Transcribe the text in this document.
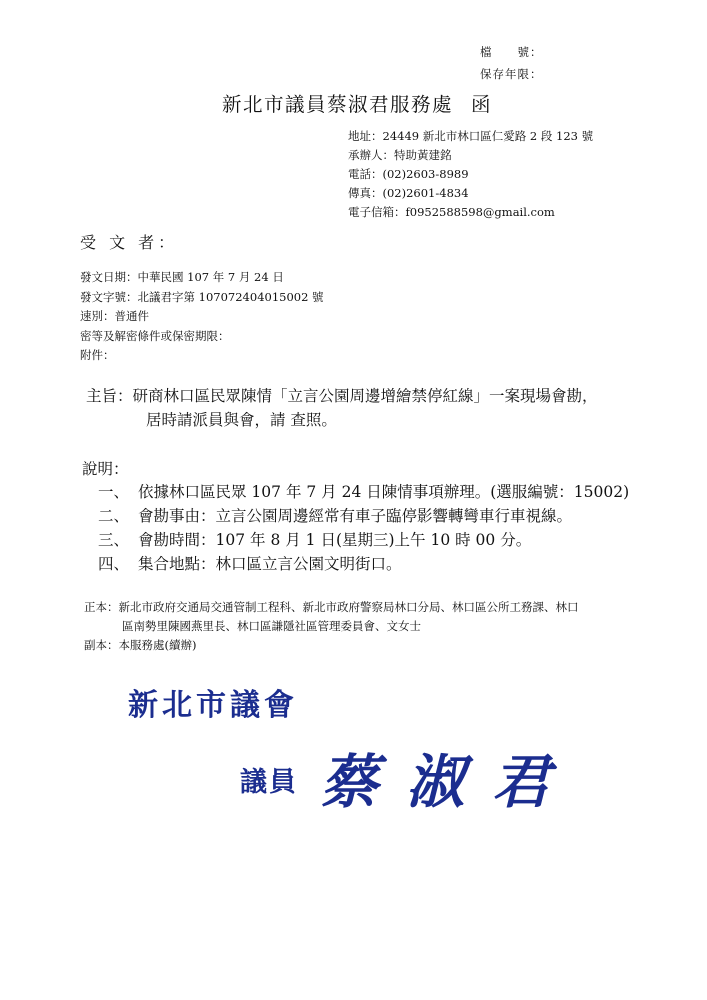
檔　　號：
保存年限：
新北市議員蔡淑君服務處 函
地址：24449 新北市林口區仁愛路 2 段 123 號
承辦人：特助黃建銘
電話：(02)2603-8989
傳真：(02)2601-4834
電子信箱：f0952588598@gmail.com
受 文 者：
發文日期：中華民國 107 年 7 月 24 日
發文字號：北議君字第 107072404015002 號
速別：普通件
密等及解密條件或保密期限：
附件：
主旨：研商林口區民眾陳情「立言公園周邊增繪禁停紅線」一案現場會勘，
居時請派員與會，請 查照。
說明：
一、 依據林口區民眾 107 年 7 月 24 日陳情事項辦理。(選服編號：15002)
二、 會勘事由：立言公園周邊經常有車子臨停影響轉彎車行車視線。
三、 會勘時間：107 年 8 月 1 日(星期三)上午 10 時 00 分。
四、 集合地點：林口區立言公園文明街口。
正本：新北市政府交通局交通管制工程科、新北市政府警察局林口分局、林口區公所工務課、林口
區南勢里陳國燕里長、林口區謙隱社區管理委員會、文女士
副本：本服務處(續辦)
新北市議會
議員 蔡淑君
